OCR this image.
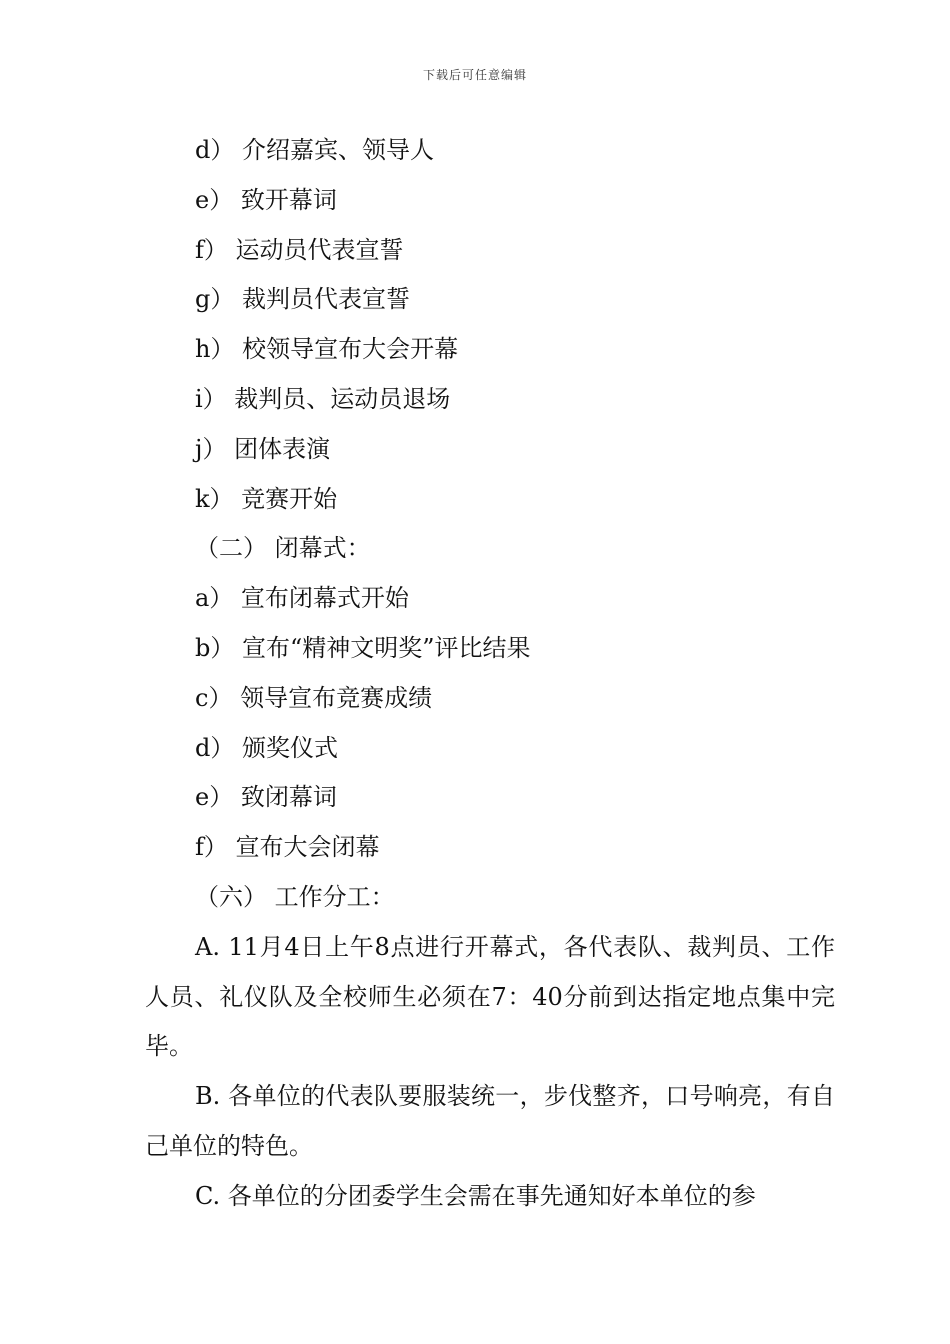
下载后可任意编辑
d） 介绍嘉宾、领导人
e） 致开幕词
f） 运动员代表宣誓
g） 裁判员代表宣誓
h） 校领导宣布大会开幕
i） 裁判员、运动员退场
j） 团体表演
k） 竞赛开始
（二） 闭幕式：
a） 宣布闭幕式开始
b） 宣布“精神文明奖”评比结果
c） 领导宣布竞赛成绩
d） 颁奖仪式
e） 致闭幕词
f） 宣布大会闭幕
（六） 工作分工：

A. 11月4日上午8点进行开幕式，各代表队、裁判员、工作人员、礼仪队及全校师生必须在7：40分前到达指定地点集中完毕。

B. 各单位的代表队要服装统一，步伐整齐，口号响亮，有自己单位的特色。

C. 各单位的分团委学生会需在事先通知好本单位的参
